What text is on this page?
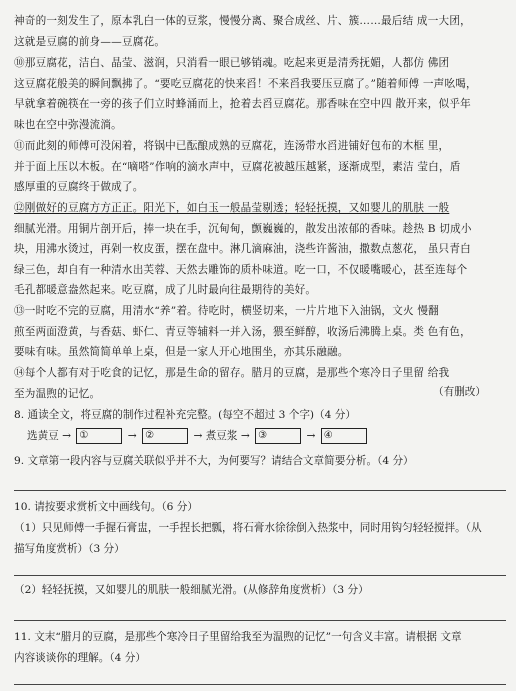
神奇的一刻发生了，原本乳白一体的豆浆，慢慢分离、聚合成丝、片、簇……最后结 成一大团，
这就是豆腐的前身——豆腐花。
⑩那豆腐花，洁白、晶莹、滋润，只消看一眼已够销魂。吃起来更是清秀抚媚，人都仿 佛团
这豆腐花般美的瞬间飘拂了。“要吃豆腐花的快来舀！不来舀我要压豆腐了。”随着师傅 一声吆喝，
早就拿着碗筷在一旁的孩子们立时蜂涌而上，抢着去舀豆腐花。那香味在空中四 散开来，似乎年
味也在空中弥漫流淌。
⑪而此刻的师傅可没闲着，将锅中已酝酿成熟的豆腐花，连汤带水舀进铺好包布的木框 里，
并于面上压以木板。在“嘀嗒”作响的滴水声中，豆腐花被越压越紧，逐渐成型，素洁 莹白，盾
感厚重的豆腐终于做成了。
⑫刚做好的豆腐方方正正。阳光下，如白玉一般晶莹剔透；轻轻抚摸，又如婴儿的肌肤 一般
细腻光滑。用铜片剖开后，捧一块在手，沉甸甸，颤巍巍的，散发出浓郁的香味。趁热 B 切成小
块，用沸水烫过，再剁一枚皮蛋，摆在盘中。淋几滴麻油，浇些许酱油，撒数点葱花， 虽只青白
绿三色，却自有一种清水出芙蓉、天然去雕饰的质朴味道。吃一口，不仅暖嘴暖心，甚至连每个
毛孔都暖意盎然起来。吃豆腐，成了儿时最向往最期待的美好。
⑬一时吃不完的豆腐，用清水“养”着。待吃时，横竖切来，一片片地下入油锅，文火 慢翻
煎至两面澄黄，与香菇、虾仁、青豆等辅料一并入汤，猥至鲜醇，收汤后沸腾上桌。类 色有色，
要味有味。虽然简简单单上桌，但是一家人开心地围坐，亦其乐融融。
⑭每个人都有对于吃食的记忆，那是生命的留存。腊月的豆腐，是那些个寒冷日子里留 给我
至为温煦的记忆。	（有删改）
8. 通读全文，将豆腐的制作过程补充完整。(每空不超过 3 个字)（4 分）
选黄豆 → ①	→ ②	→ 煮豆浆 → ③	→ ④
9. 文章第一段内容与豆腐关联似乎并不大，为何要写？请结合文章简要分析。（4 分）
10. 请按要求赏析文中画线句。（6 分）
（1）只见师傅一手握石膏盅，一手捏长把瓢，将石膏水徐徐倒入热浆中，同时用钩匀轻轻搅拌。（从
描写角度赏析）（3 分）
（2）轻轻抚摸，又如婴儿的肌肤一般细腻光滑。(从修辞角度赏析）（3 分）
11. 文末“腊月的豆腐，是那些个寒冷日子里留给我至为温煦的记忆”一句含义丰富。请根据 文章
内容谈谈你的理解。（4 分）
